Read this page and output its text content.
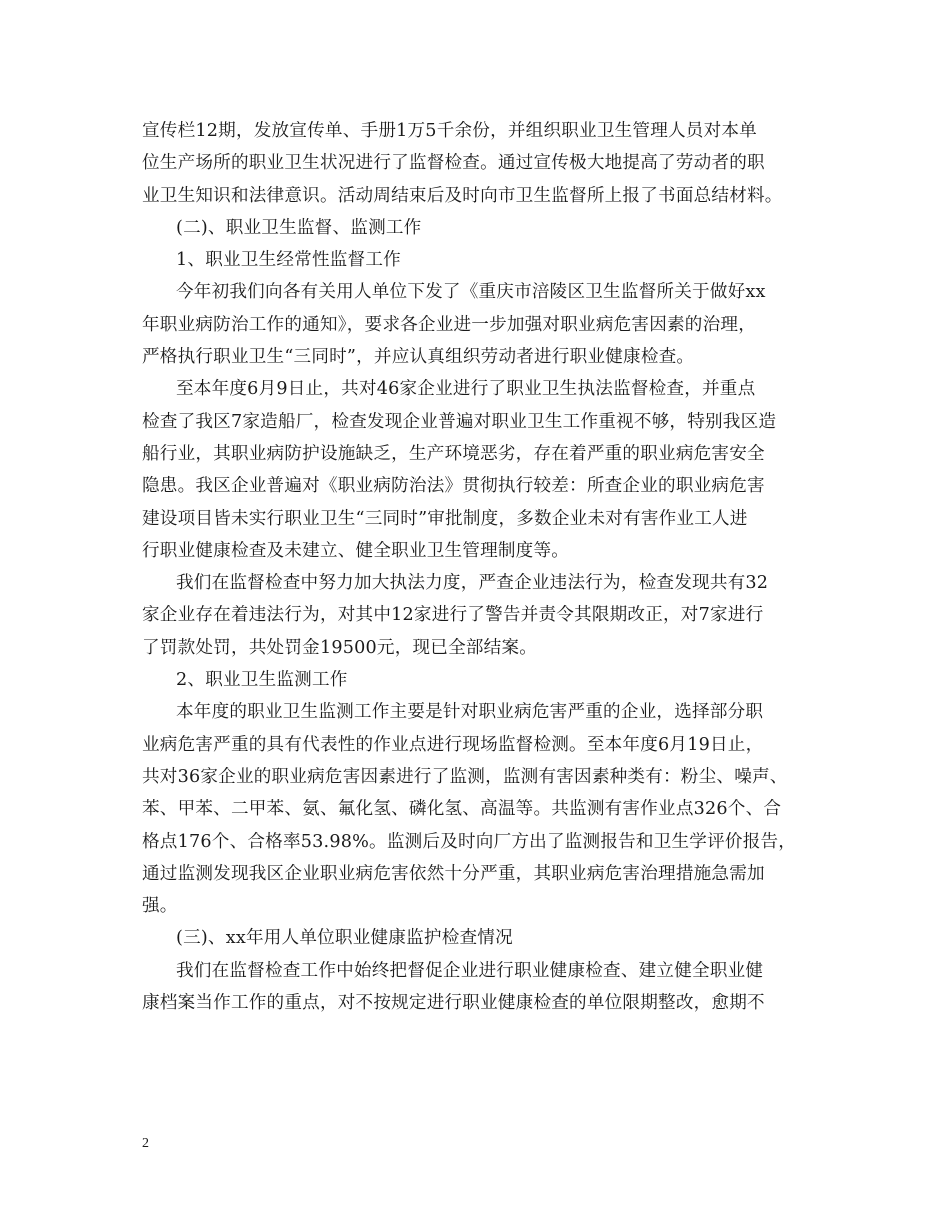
宣传栏12期，发放宣传单、手册1万5千余份，并组织职业卫生管理人员对本单
位生产场所的职业卫生状况进行了监督检查。通过宣传极大地提高了劳动者的职
业卫生知识和法律意识。活动周结束后及时向市卫生监督所上报了书面总结材料。
(二)、职业卫生监督、监测工作
1、职业卫生经常性监督工作
今年初我们向各有关用人单位下发了《重庆市涪陵区卫生监督所关于做好xx
年职业病防治工作的通知》，要求各企业进一步加强对职业病危害因素的治理，
严格执行职业卫生“三同时”，并应认真组织劳动者进行职业健康检查。
至本年度6月9日止，共对46家企业进行了职业卫生执法监督检查，并重点
检查了我区7家造船厂，检查发现企业普遍对职业卫生工作重视不够，特别我区造
船行业，其职业病防护设施缺乏，生产环境恶劣，存在着严重的职业病危害安全
隐患。我区企业普遍对《职业病防治法》贯彻执行较差：所查企业的职业病危害
建设项目皆未实行职业卫生“三同时”审批制度，多数企业未对有害作业工人进
行职业健康检查及未建立、健全职业卫生管理制度等。
我们在监督检查中努力加大执法力度，严查企业违法行为，检查发现共有32
家企业存在着违法行为，对其中12家进行了警告并责令其限期改正，对7家进行
了罚款处罚，共处罚金19500元，现已全部结案。
2、职业卫生监测工作
本年度的职业卫生监测工作主要是针对职业病危害严重的企业，选择部分职
业病危害严重的具有代表性的作业点进行现场监督检测。至本年度6月19日止，
共对36家企业的职业病危害因素进行了监测，监测有害因素种类有：粉尘、噪声、
苯、甲苯、二甲苯、氨、氟化氢、磷化氢、高温等。共监测有害作业点326个、合
格点176个、合格率53.98%。监测后及时向厂方出了监测报告和卫生学评价报告，
通过监测发现我区企业职业病危害依然十分严重，其职业病危害治理措施急需加
强。
(三)、xx年用人单位职业健康监护检查情况
我们在监督检查工作中始终把督促企业进行职业健康检查、建立健全职业健
康档案当作工作的重点，对不按规定进行职业健康检查的单位限期整改，愈期不
2
